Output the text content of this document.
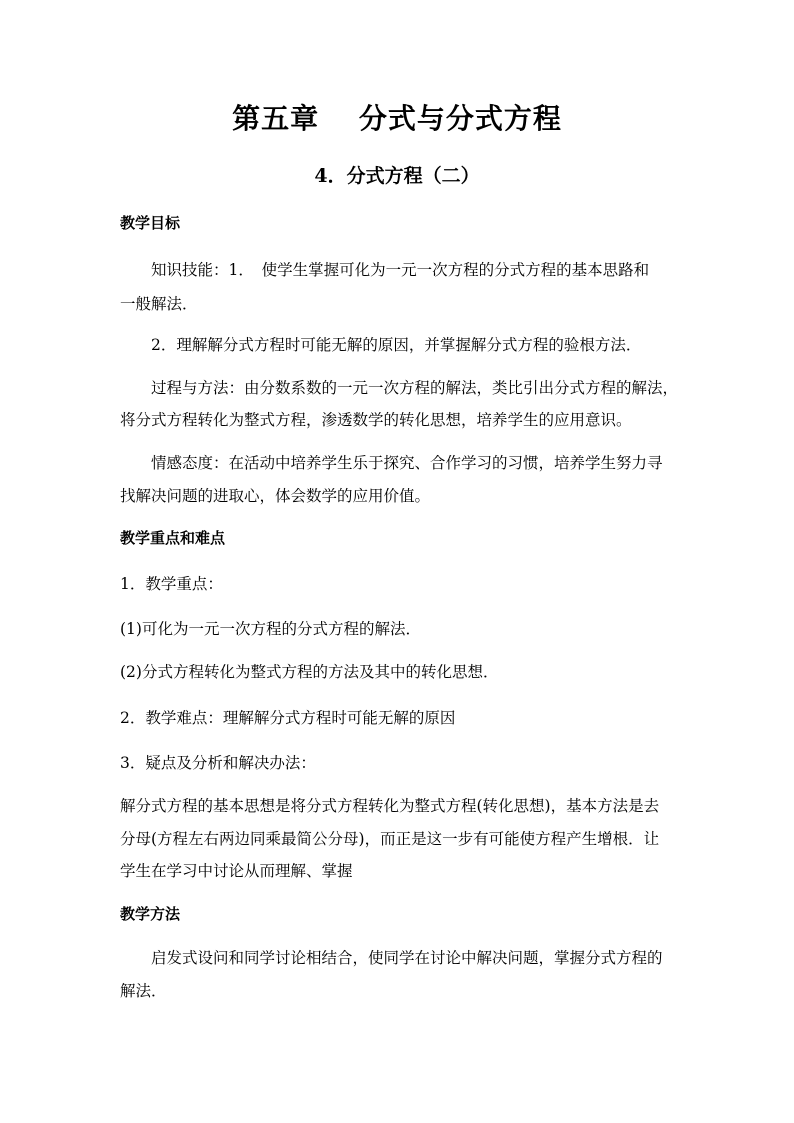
第五章　 分式与分式方程
4．分式方程（二）
教学目标
知识技能：1．　使学生掌握可化为一元一次方程的分式方程的基本思路和
一般解法．
2．理解解分式方程时可能无解的原因，并掌握解分式方程的验根方法．
过程与方法：由分数系数的一元一次方程的解法，类比引出分式方程的解法，
将分式方程转化为整式方程，渗透数学的转化思想，培养学生的应用意识。
情感态度：在活动中培养学生乐于探究、合作学习的习惯，培养学生努力寻
找解决问题的进取心，体会数学的应用价值。
教学重点和难点
1．教学重点：
(1)可化为一元一次方程的分式方程的解法．
(2)分式方程转化为整式方程的方法及其中的转化思想．
2．教学难点：理解解分式方程时可能无解的原因
3．疑点及分析和解决办法：
解分式方程的基本思想是将分式方程转化为整式方程(转化思想)，基本方法是去
分母(方程左右两边同乘最简公分母)，而正是这一步有可能使方程产生增根．让
学生在学习中讨论从而理解、掌握
教学方法
启发式设问和同学讨论相结合，使同学在讨论中解决问题，掌握分式方程的
解法．
